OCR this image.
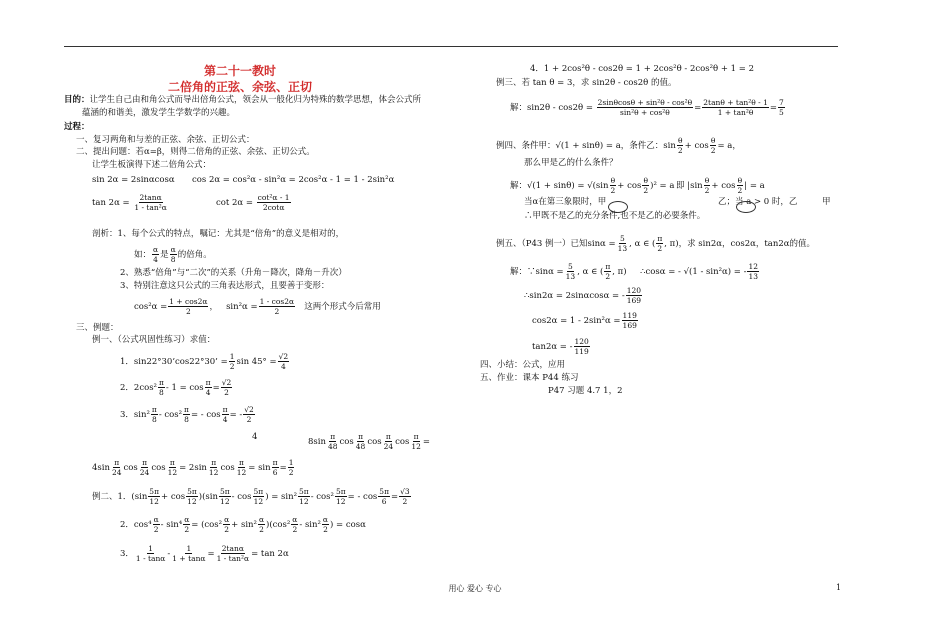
第二十一教时
二倍角的正弦、余弦、正切
目的：让学生自己由和角公式而导出倍角公式，领会从一般化归为特殊的数学思想，体会公式所
蕴涵的和谐美，激发学生学数学的兴趣。
过程：
一、复习两角和与差的正弦、余弦、正切公式：
二、提出问题：若α=β，则得二倍角的正弦、余弦、正切公式。
让学生板演得下述二倍角公式：
sin 2α = 2sinαcosα cos 2α = cos²α - sin²α = 2cos²α - 1 = 1 - 2sin²α
$\tan 2\alpha = \frac{2\tan\alpha}{\text{1 - tan²α}}$	$\cot 2\alpha = \frac{\text{cot²α - 1}}{2\cot\alpha}$
剖析：1、每个公式的特点，嘱记：尤其是“倍角”的意义是相对的，
如： $\frac{\alpha}{4}$ 是 $\frac{\alpha}{8}$ 的倍角。
2、熟悉“倍角”与“二次”的关系（升角－降次，降角－升次）
3、特别注意这只公式的三角表达形式，且要善于变形：
$\cos^2\alpha = \frac{1 + \cos 2\alpha}{2}$ ，   $\sin^2\alpha = \frac{1 - \cos 2\alpha}{2}$ 这两个形式今后常用
三、例题：
例一、（公式巩固性练习）求值：
1．sin22°30’cos22°30’ = $\frac{1}{2}$ $\sin 45^\circ = \frac{√2}{4}$
2．$2\cos^2 \frac{\pi}{8} - 1 = \cos \frac{\pi}{4} = \frac{√2}{2}$
3．$\sin^2 \frac{\pi}{8} - \cos^2 \frac{\pi}{8}$ = - $\cos \frac{\pi}{4}$ = - $\frac{√2}{2}$
4	$8\sin \frac{\pi}{48}$ $\cos \frac{\pi}{48}$ $\cos \frac{\pi}{24}$ $\cos \frac{\pi}{12}$ =
$4\sin \frac{\pi}{24}$ $\cos \frac{\pi}{24}$ $\cos \frac{\pi}{12} = 2\sin \frac{\pi}{12}$ $\cos \frac{\pi}{12} = \sin \frac{\pi}{6} = \frac{1}{2}$
例二、1．$(\sin \frac{5\pi}{12} + \cos \frac{5\pi}{12} )(\sin \frac{5\pi}{12} - \cos \frac{5\pi}{12}$ ) = $\sin^2 \frac{5\pi}{12} - \cos^2 \frac{5\pi}{12}$ = - $\cos \frac{5\pi}{6} = \frac{√3}{2}$
2．$\cos^4 \frac{\alpha}{2} - \sin^4 \frac{\alpha}{2} = (\cos^2 \frac{\alpha}{2} + \sin^2 \frac{\alpha}{2} )(\cos^2 \frac{\alpha}{2} - \sin^2 \frac{\alpha}{2}$ ) = cosα
3． $\frac{1}{1 - \tan\alpha} - \frac{1}{1 + \tan\alpha} = \frac{2\tan\alpha}{\text{1 - tan²α}} = \tan 2\alpha$
4．1 + 2cos²θ - cos2θ = 1 + 2cos²θ - 2cos²θ + 1 = 2
例三、若 tan θ = 3，求 sin2θ - cos2θ 的值。
解：$\sin 2\theta - \cos 2\theta = \frac{\text{2sinθcosθ + sin²θ - cos²θ}}{\text{sin²θ + cos²θ}} = \frac{\text{2tanθ + tan²θ - 1}}{\text{1 + tan²θ}} = \frac{7}{5}$
例四、条件甲：√(1 + sinθ) = a，条件乙：$\sin \frac{\theta}{2} + \cos \frac{\theta}{2} = a$，
那么甲是乙的什么条件？
解：$√(1 + \sin\theta) = √(\sin \frac{\theta}{2} + \cos \frac{\theta}{2} )^2 = a$ 即 $|\sin \frac{\theta}{2} + \cos \frac{\theta}{2}$ | = a
当α在第三象限时，甲	乙；当 a > 0 时，乙	甲
∴甲既不是乙的充分条件,也不是乙的必要条件。
例五、（P43 例一）已知$\sin\alpha = \frac{5}{13}$ , α ∈ ( $\frac{\pi}{2}$ , π)，求 sin2α，cos2α，tan2α的值。
解：∵sinα = $\frac{5}{13}$ , α ∈ ( $\frac{\pi}{2}$ , π) ∴cosα = - √(1 - sin²α) = - $\frac{12}{13}$
∴sin2α = 2sinαcosα = - $\frac{120}{169}$
$\cos 2\alpha = 1 - 2\sin^2\alpha = \frac{119}{169}$
tan2α = - $\frac{120}{119}$
四、小结：公式，应用
五、作业：课本 P44 练习
P47 习题 4.7 1，2
用心 爱心 专心	1
